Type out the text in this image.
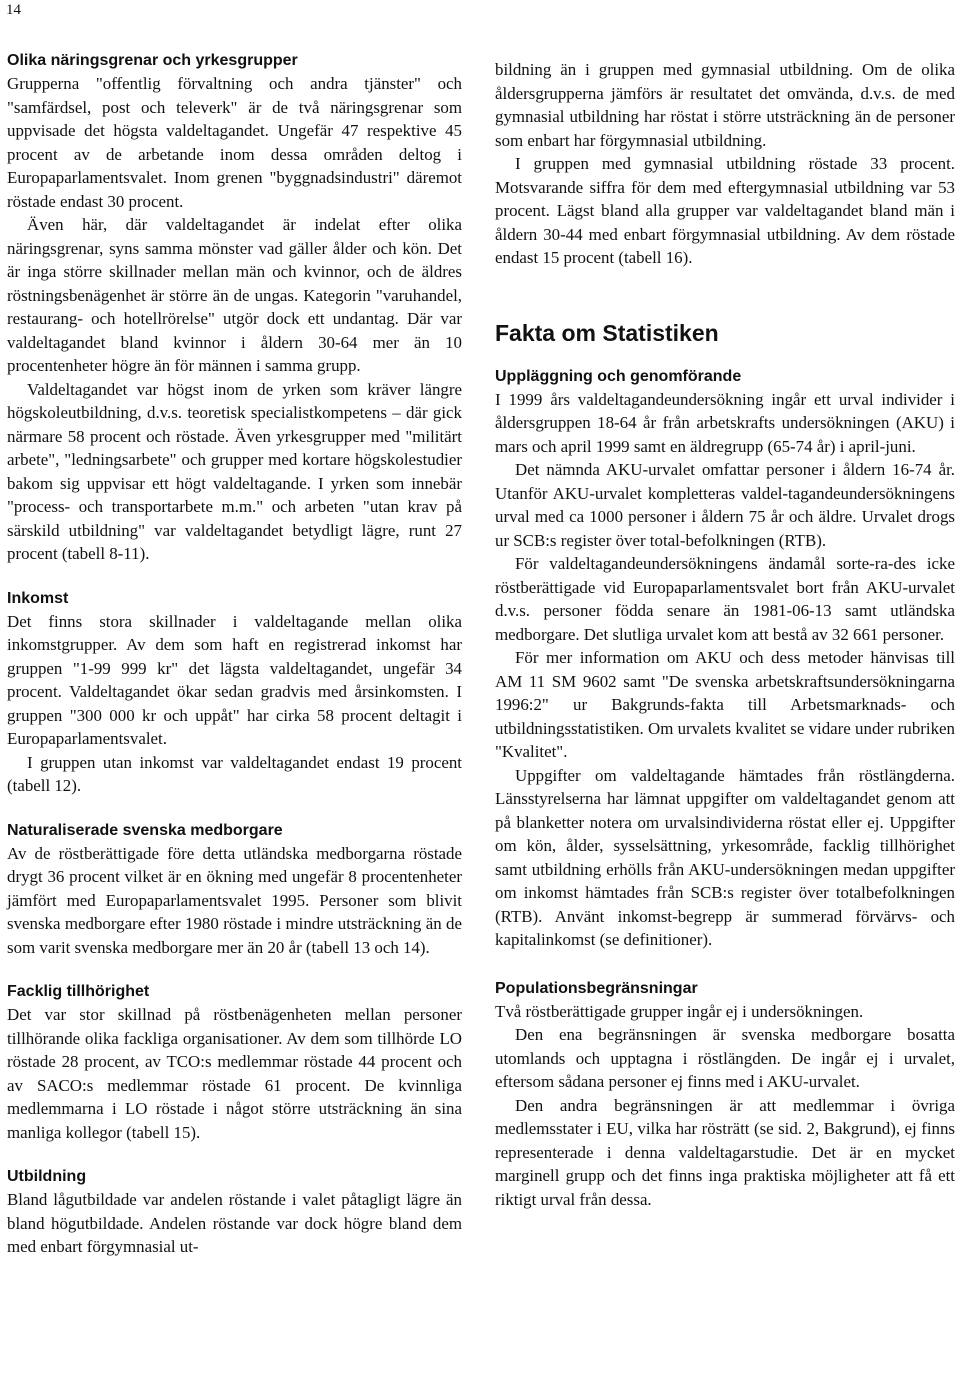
14
Olika näringsgrenar och yrkesgrupper

Grupperna "offentlig förvaltning och andra tjänster" och "samfärdsel, post och televerk" är de två näringsgrenar som uppvisade det högsta valdeltagandet. Ungefär 47 respektive 45 procent av de arbetande inom dessa områden deltog i Europaparlamentsvalet. Inom grenen "byggnadsindustri" däremot röstade endast 30 procent.

Även här, där valdeltagandet är indelat efter olika näringsgrenar, syns samma mönster vad gäller ålder och kön. Det är inga större skillnader mellan män och kvinnor, och de äldres röstningsbenägenhet är större än de ungas. Kategorin "varuhandel, restaurang- och hotellrörelse" utgör dock ett undantag. Där var valdeltagandet bland kvinnor i åldern 30-64 mer än 10 procentenheter högre än för männen i samma grupp.

Valdeltagandet var högst inom de yrken som kräver längre högskoleutbildning, d.v.s. teoretisk specialistkompetens – där gick närmare 58 procent och röstade. Även yrkesgrupper med "militärt arbete", "ledningsarbete" och grupper med kortare högskolestudier bakom sig uppvisar ett högt valdeltagande. I yrken som innebär "process- och transportarbete m.m." och arbeten "utan krav på särskild utbildning" var valdeltagandet betydligt lägre, runt 27 procent (tabell 8-11).

Inkomst

Det finns stora skillnader i valdeltagande mellan olika inkomstgrupper. Av dem som haft en registrerad inkomst har gruppen "1-99 999 kr" det lägsta valdeltagandet, ungefär 34 procent. Valdeltagandet ökar sedan gradvis med årsinkomsten. I gruppen "300 000 kr och uppåt" har cirka 58 procent deltagit i Europaparlamentsvalet.

I gruppen utan inkomst var valdeltagandet endast 19 procent (tabell 12).

Naturaliserade svenska medborgare

Av de röstberättigade före detta utländska medborgarna röstade drygt 36 procent vilket är en ökning med ungefär 8 procentenheter jämfört med Europaparlamentsvalet 1995. Personer som blivit svenska medborgare efter 1980 röstade i mindre utsträckning än de som varit svenska medborgare mer än 20 år (tabell 13 och 14).

Facklig tillhörighet

Det var stor skillnad på röstbenägenheten mellan personer tillhörande olika fackliga organisationer. Av dem som tillhörde LO röstade 28 procent, av TCO:s medlemmar röstade 44 procent och av SACO:s medlemmar röstade 61 procent. De kvinnliga medlemmarna i LO röstade i något större utsträckning än sina manliga kollegor (tabell 15).

Utbildning

Bland lågutbildade var andelen röstande i valet påtagligt lägre än bland högutbildade. Andelen röstande var dock högre bland dem med enbart förgymnasial ut-

bildning än i gruppen med gymnasial utbildning. Om de olika åldersgrupperna jämförs är resultatet det omvända, d.v.s. de med gymnasial utbildning har röstat i större utsträckning än de personer som enbart har förgymnasial utbildning.

I gruppen med gymnasial utbildning röstade 33 procent. Motsvarande siffra för dem med eftergymnasial utbildning var 53 procent. Lägst bland alla grupper var valdeltagandet bland män i åldern 30-44 med enbart förgymnasial utbildning. Av dem röstade endast 15 procent (tabell 16).

Fakta om Statistiken
Uppläggning och genomförande

I 1999 års valdeltagandeundersökning ingår ett urval individer i åldersgruppen 18-64 år från arbetskrafts undersökningen (AKU) i mars och april 1999 samt en äldregrupp (65-74 år) i april-juni.

Det nämnda AKU-urvalet omfattar personer i åldern 16-74 år. Utanför AKU-urvalet kompletteras valdel-tagandeundersökningens urval med ca 1000 personer i åldern 75 år och äldre. Urvalet drogs ur SCB:s register över total-befolkningen (RTB).

För valdeltagandeundersökningens ändamål sorte-ra-des icke röstberättigade vid Europaparlamentsvalet bort från AKU-urvalet d.v.s. personer födda senare än 1981-06-13 samt utländska medborgare. Det slutliga urvalet kom att bestå av 32 661 personer.

För mer information om AKU och dess metoder hänvisas till AM 11 SM 9602 samt "De svenska arbetskraftsundersökningarna 1996:2" ur Bakgrunds-fakta till Arbetsmarknads- och utbildningsstatistiken. Om urvalets kvalitet se vidare under rubriken "Kvalitet".

Uppgifter om valdeltagande hämtades från röstlängderna. Länsstyrelserna har lämnat uppgifter om valdeltagandet genom att på blanketter notera om urvalsindividerna röstat eller ej. Uppgifter om kön, ålder, sysselsättning, yrkesområde, facklig tillhörighet samt utbildning erhölls från AKU-undersökningen medan uppgifter om inkomst hämtades från SCB:s register över totalbefolkningen (RTB). Använt inkomst-begrepp är summerad förvärvs- och kapitalinkomst (se definitioner).

Populationsbegränsningar

Två röstberättigade grupper ingår ej i undersökningen.

Den ena begränsningen är svenska medborgare bosatta utomlands och upptagna i röstlängden. De ingår ej i urvalet, eftersom sådana personer ej finns med i AKU-urvalet.

Den andra begränsningen är att medlemmar i övriga medlemsstater i EU, vilka har rösträtt (se sid. 2, Bakgrund), ej finns representerade i denna valdeltagarstudie. Det är en mycket marginell grupp och det finns inga praktiska möjligheter att få ett riktigt urval från dessa.
